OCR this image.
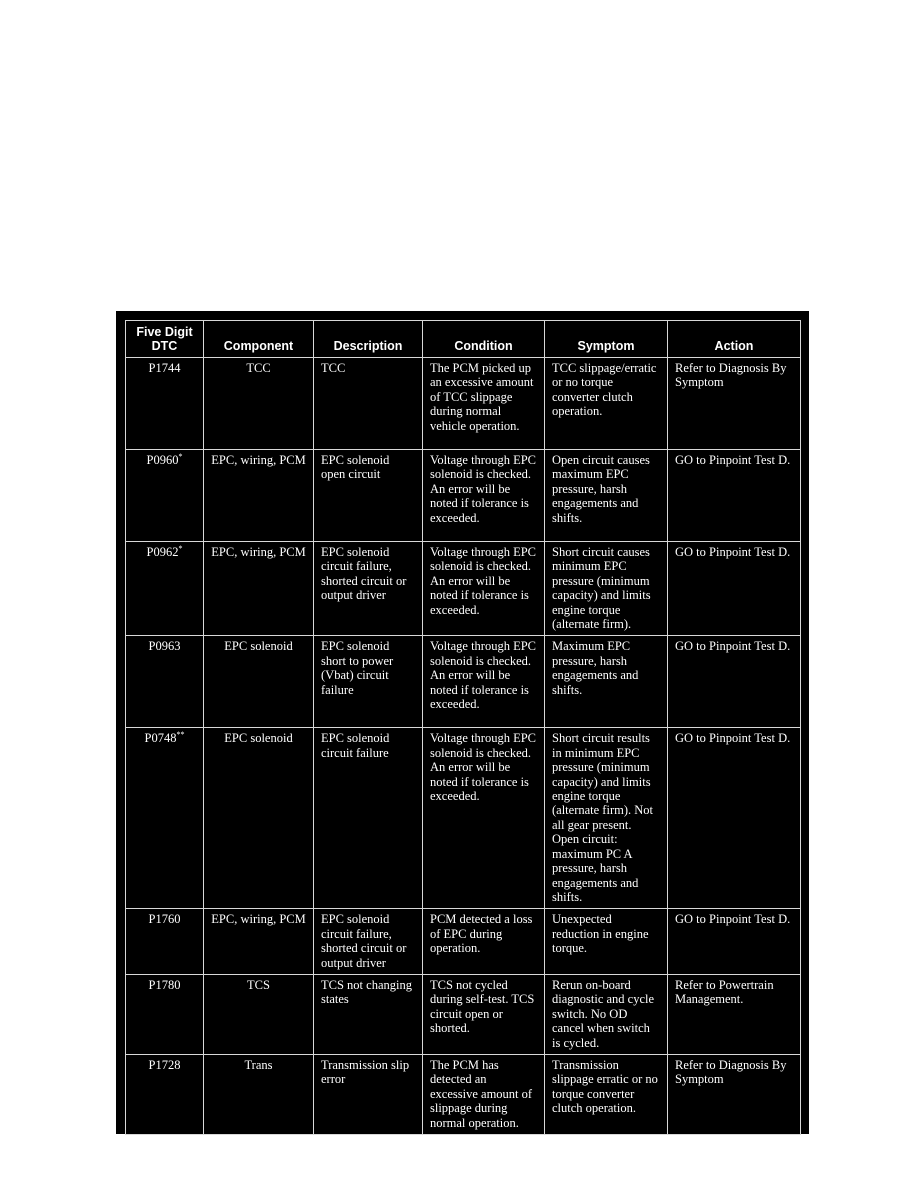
Five Digit DTC	Component	Description	Condition	Symptom	Action
P1744	TCC	TCC	The PCM picked up an excessive amount of TCC slippage during normal vehicle operation.	TCC slippage/erratic or no torque converter clutch operation.	Refer to Diagnosis By Symptom
P0960*	EPC, wiring, PCM	EPC solenoid open circuit	Voltage through EPC solenoid is checked. An error will be noted if tolerance is exceeded.	Open circuit causes maximum EPC pressure, harsh engagements and shifts.	GO to Pinpoint Test D.
P0962*	EPC, wiring, PCM	EPC solenoid circuit failure, shorted circuit or output driver	Voltage through EPC solenoid is checked. An error will be noted if tolerance is exceeded.	Short circuit causes minimum EPC pressure (minimum capacity) and limits engine torque (alternate firm).	GO to Pinpoint Test D.
P0963	EPC solenoid	EPC solenoid short to power (Vbat) circuit failure	Voltage through EPC solenoid is checked. An error will be noted if tolerance is exceeded.	Maximum EPC pressure, harsh engagements and shifts.	GO to Pinpoint Test D.
P0748**	EPC solenoid	EPC solenoid circuit failure	Voltage through EPC solenoid is checked. An error will be noted if tolerance is exceeded.	Short circuit results in minimum EPC pressure (minimum capacity) and limits engine torque (alternate firm). Not all gear present. Open circuit: maximum PC A pressure, harsh engagements and shifts.	GO to Pinpoint Test D.
P1760	EPC, wiring, PCM	EPC solenoid circuit failure, shorted circuit or output driver	PCM detected a loss of EPC during operation.	Unexpected reduction in engine torque.	GO to Pinpoint Test D.
P1780	TCS	TCS not changing states	TCS not cycled during self-test. TCS circuit open or shorted.	Rerun on-board diagnostic and cycle switch. No OD cancel when switch is cycled.	Refer to Powertrain Management.
P1728	Trans	Transmission slip error	The PCM has detected an excessive amount of slippage during normal operation.	Transmission slippage erratic or no torque converter clutch operation.	Refer to Diagnosis By Symptom
